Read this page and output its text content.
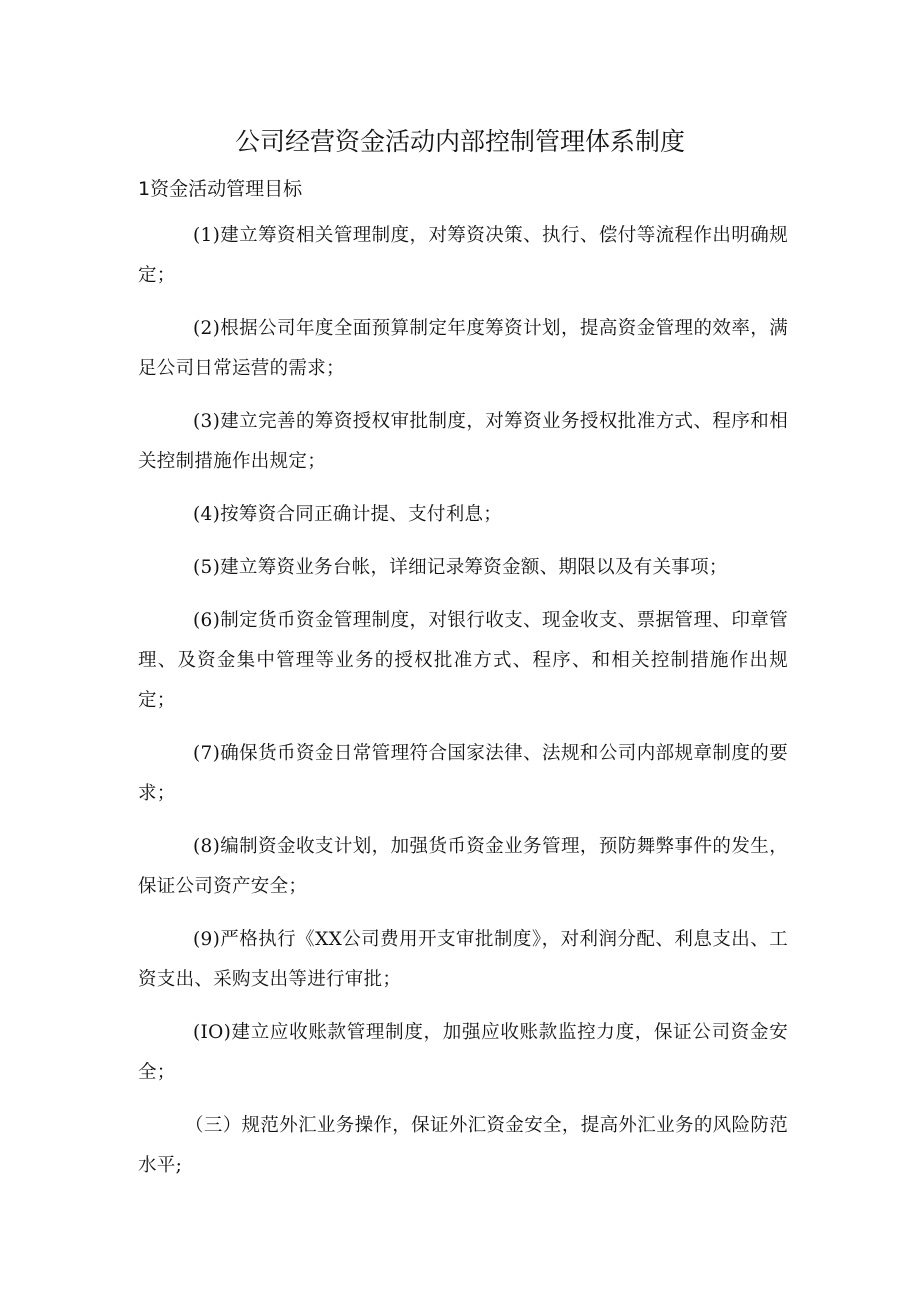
公司经营资金活动内部控制管理体系制度
1资金活动管理目标

(1)建立筹资相关管理制度，对筹资决策、执行、偿付等流程作出明确规定；

(2)根据公司年度全面预算制定年度筹资计划，提高资金管理的效率，满足公司日常运营的需求；

(3)建立完善的筹资授权审批制度，对筹资业务授权批准方式、程序和相关控制措施作出规定；

(4)按筹资合同正确计提、支付利息；

(5)建立筹资业务台帐，详细记录筹资金额、期限以及有关事项；

(6)制定货币资金管理制度，对银行收支、现金收支、票据管理、印章管理、及资金集中管理等业务的授权批准方式、程序、和相关控制措施作出规定；

(7)确保货币资金日常管理符合国家法律、法规和公司内部规章制度的要求；

(8)编制资金收支计划，加强货币资金业务管理，预防舞弊事件的发生，保证公司资产安全；

(9)严格执行《XX公司费用开支审批制度》，对利润分配、利息支出、工资支出、采购支出等进行审批；

(IO)建立应收账款管理制度，加强应收账款监控力度，保证公司资金安全；

（三）规范外汇业务操作，保证外汇资金安全，提高外汇业务的风险防范水平;
